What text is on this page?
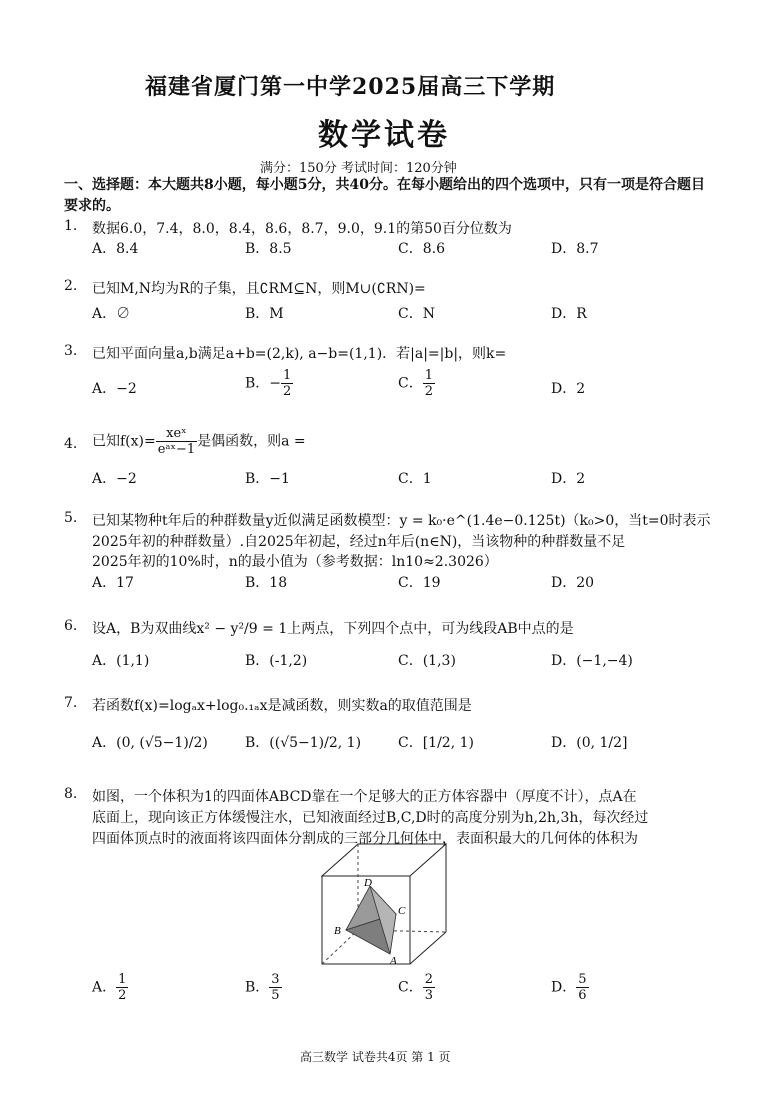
福建省厦门第一中学2025届高三下学期
数学试卷
满分：150分 考试时间：120分钟
一、选择题：本大题共8小题，每小题5分，共40分。在每小题给出的四个选项中，只有一项是符合题目要求的。
1. 数据6.0，7.4，8.0，8.4，8.6，8.7，9.0，9.1的第50百分位数为
A．8.4	B．8.5	C．8.6	D．8.7
2. 已知M,N均为R的子集，且∁RM⊆N，则M∪(∁RN)=
A．∅	B．M	C．N	D．R
3. 已知平面向量a,b满足a+b=(2,k), a−b=(1,1)．若|a|=|b|，则k=
A．−2	B．− $\frac{1}{2}$	C． $\frac{1}{2}$	D．2
4. 已知$f(x)= \frac{\text{xeˣ}}{\text{eᵃˣ−1}}$ 是偶函数，则a =
A．−2	B．−1	C．1	D．2
5. 已知某物种t年后的种群数量y近似满足函数模型：y = k₀·e^(1.4e−0.125t)（k₀>0，当t=0时表示
2025年初的种群数量）.自2025年初起，经过n年后(n∈N)，当该物种的种群数量不足
2025年初的10%时，n的最小值为（参考数据：ln10≈2.3026）
A．17	B．18	C．19	D．20
6. 设A，B为双曲线x² − y²/9 = 1上两点，下列四个点中，可为线段AB中点的是
A．(1,1)	B．(-1,2)	C．(1,3)	D．(−1,−4)
7. 若函数f(x)=logₐx+log₀.₁ₐx是减函数，则实数a的取值范围是
A．(0, (√5−1)/2)	B．((√5−1)/2, 1)	C．[1/2, 1)	D．(0, 1/2]
8. 如图，一个体积为1的四面体ABCD靠在一个足够大的正方体容器中（厚度不计），点A在
底面上，现向该正方体缓慢注水，已知液面经过B,C,D时的高度分别为h,2h,3h，每次经过
四面体顶点时的液面将该四面体分割成的三部分几何体中，表面积最大的几何体的体积为
D
C
B
A
A． $\frac{1}{2}$	B． $\frac{3}{5}$	C． $\frac{2}{3}$	D． $\frac{5}{6}$
高三数学 试卷共4页 第 1 页
